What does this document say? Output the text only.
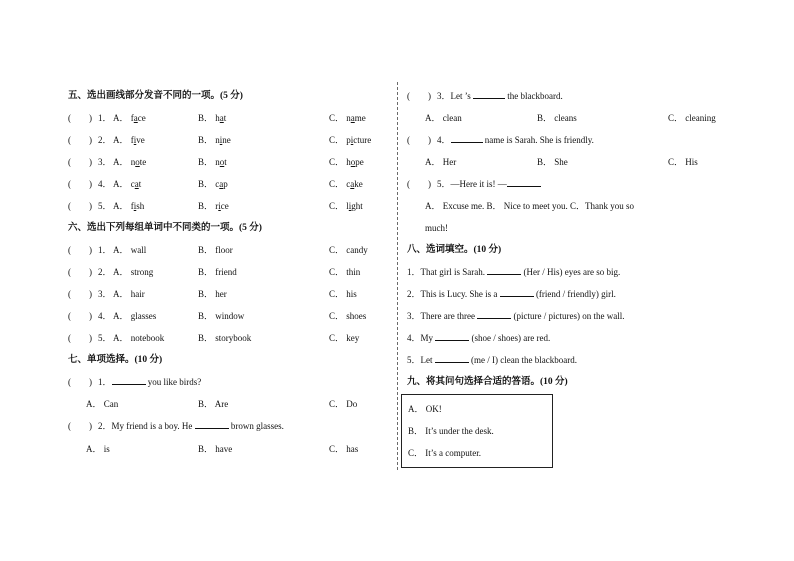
五、选出画线部分发音不同的一项。(5 分)
( ) 1． A． face	B． hat	C． name
( ) 2． A． five	B． nine	C． picture
( ) 3． A． note	B． not	C． hope
( ) 4． A． cat	B． cap	C． cake
( ) 5． A． fish	B． rice	C． light
六、选出下列每组单词中不同类的一项。(5 分)
( ) 1． A． wall	B． floor	C． candy
( ) 2． A． strong	B． friend	C． thin
( ) 3． A． hair	B． her	C． his
( ) 4． A． glasses	B． window	C． shoes
( ) 5． A． notebook	B． storybook	C． key
七、单项选择。(10 分)
( ) 1．	you like birds?
A． Can	B． Are	C． Do
( ) 2．My friend is a boy. He	brown glasses.
A． is	B． have	C． has
( ) 3．Let ’s	the blackboard.
A． clean	B． cleans	C． cleaning
( ) 4．	name is Sarah. She is friendly.
A． Her	B． She	C． His
( ) 5．—Here it is! —
A． Excuse me. B． Nice to meet you. C．Thank you so
much!
八、选词填空。(10 分)
1．That girl is Sarah.	(Her / His) eyes are so big.
2．This is Lucy. She is a	(friend / friendly) girl.
3．There are three	(picture / pictures) on the wall.
4．My	(shoe / shoes) are red.
5．Let	(me / I) clean the blackboard.
九、将其问句选择合适的答语。(10 分)
A． OK!
B． It’s under the desk.
C． It’s a computer.
